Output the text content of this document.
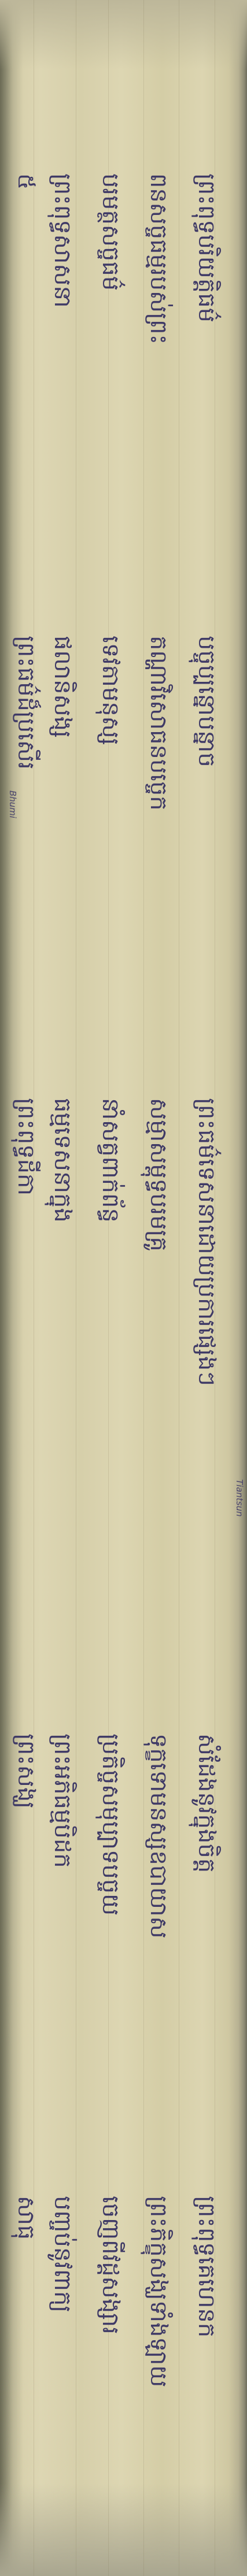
Tiantsun
Bhumi
ព្រះពុទ្ធបរិយត្តិធម៌
បច្ចុប្បន្នោបន្នាច
ព្រះធម៌ទេសនាដោយប្រការផ្សេងៗ
សំដែងនូវក្នុងចិត្ត
ព្រះពុទ្ធគេហេនក
ពនសច្ចធម្មរបស់ព្រះ
តណ្ហាវិសោធនបច្ចេក
សម្មាសម្ពុទ្ធបរមគ្រូ
ទុក្ខទោមនស្សឧបាយាស
ព្រះភិក្ខុសង្ឃទាំងឡាយ
បរមត្ថសច្ចធម៌
ទេវតាមនុស្ស
នាំសត្វពាក់ព័ន្ធ
ប្រតិច្ចសមុប្បាទបច្ចយ
ចេញពីវដ្តសង្សារ
ព្រះពុទ្ធសាសនា
ផលានិសង្ស
ធម្មទេសនាក្នុង
ព្រះអភិធម្មបិដក
បញ្ចប់នូវពាក្យ
៥
ព្រះធម៌ដ៏ប្រសើរ
ព្រះពុទ្ធដីកា
ព្រះសង្ឃ
សាធុ
